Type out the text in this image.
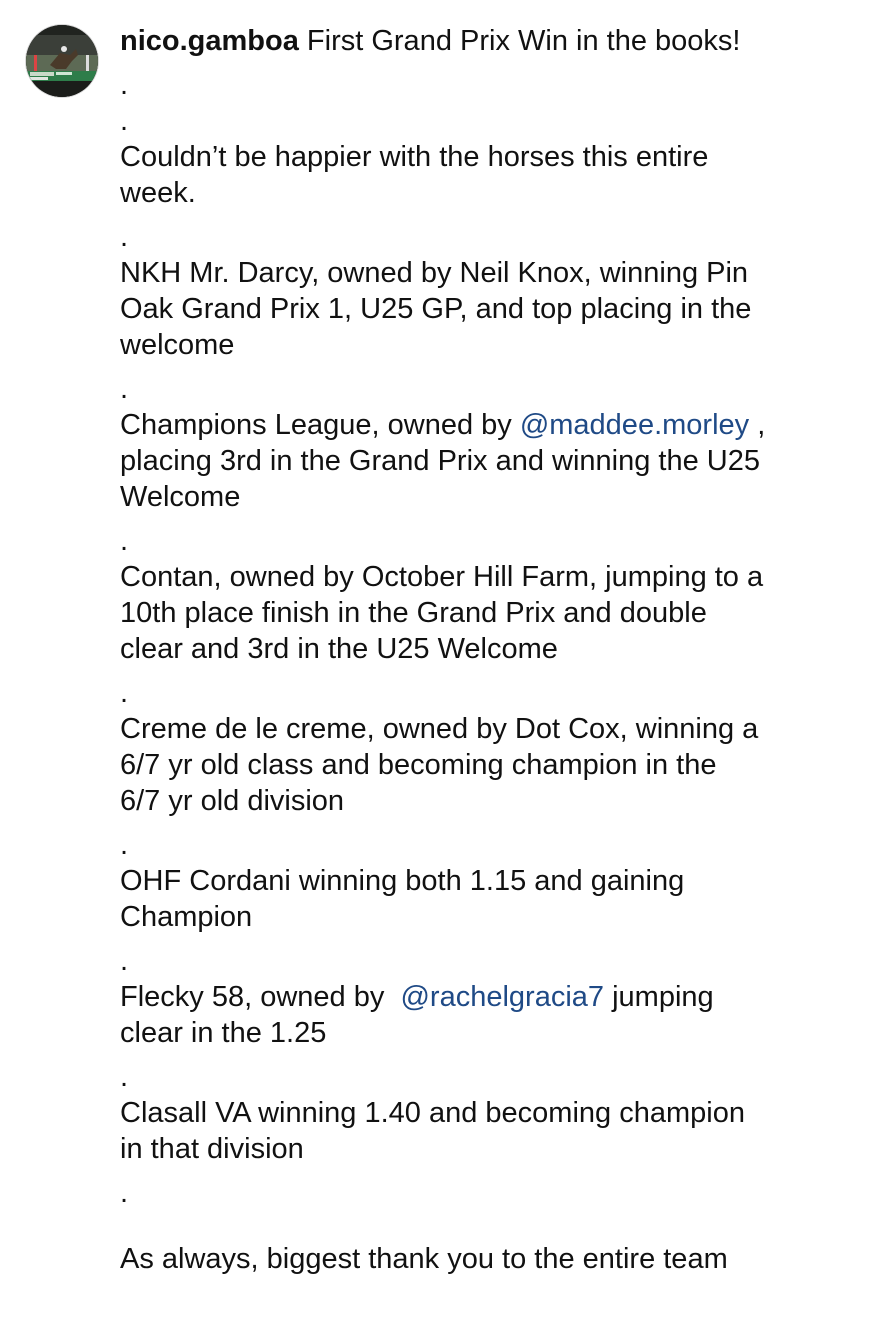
nico.gamboa First Grand Prix Win in the books!
.
.
Couldn’t be happier with the horses this entire
week.
.
NKH Mr. Darcy, owned by Neil Knox, winning Pin
Oak Grand Prix 1, U25 GP, and top placing in the
welcome
.
Champions League, owned by @maddee.morley ,
placing 3rd in the Grand Prix and winning the U25
Welcome
.
Contan, owned by October Hill Farm, jumping to a
10th place finish in the Grand Prix and double
clear and 3rd in the U25 Welcome
.
Creme de le creme, owned by Dot Cox, winning a
6/7 yr old class and becoming champion in the
6/7 yr old division
.
OHF Cordani winning both 1.15 and gaining
Champion
.
Flecky 58, owned by  @rachelgracia7 jumping
clear in the 1.25
.
Clasall VA winning 1.40 and becoming champion
in that division
.
As always, biggest thank you to the entire team
